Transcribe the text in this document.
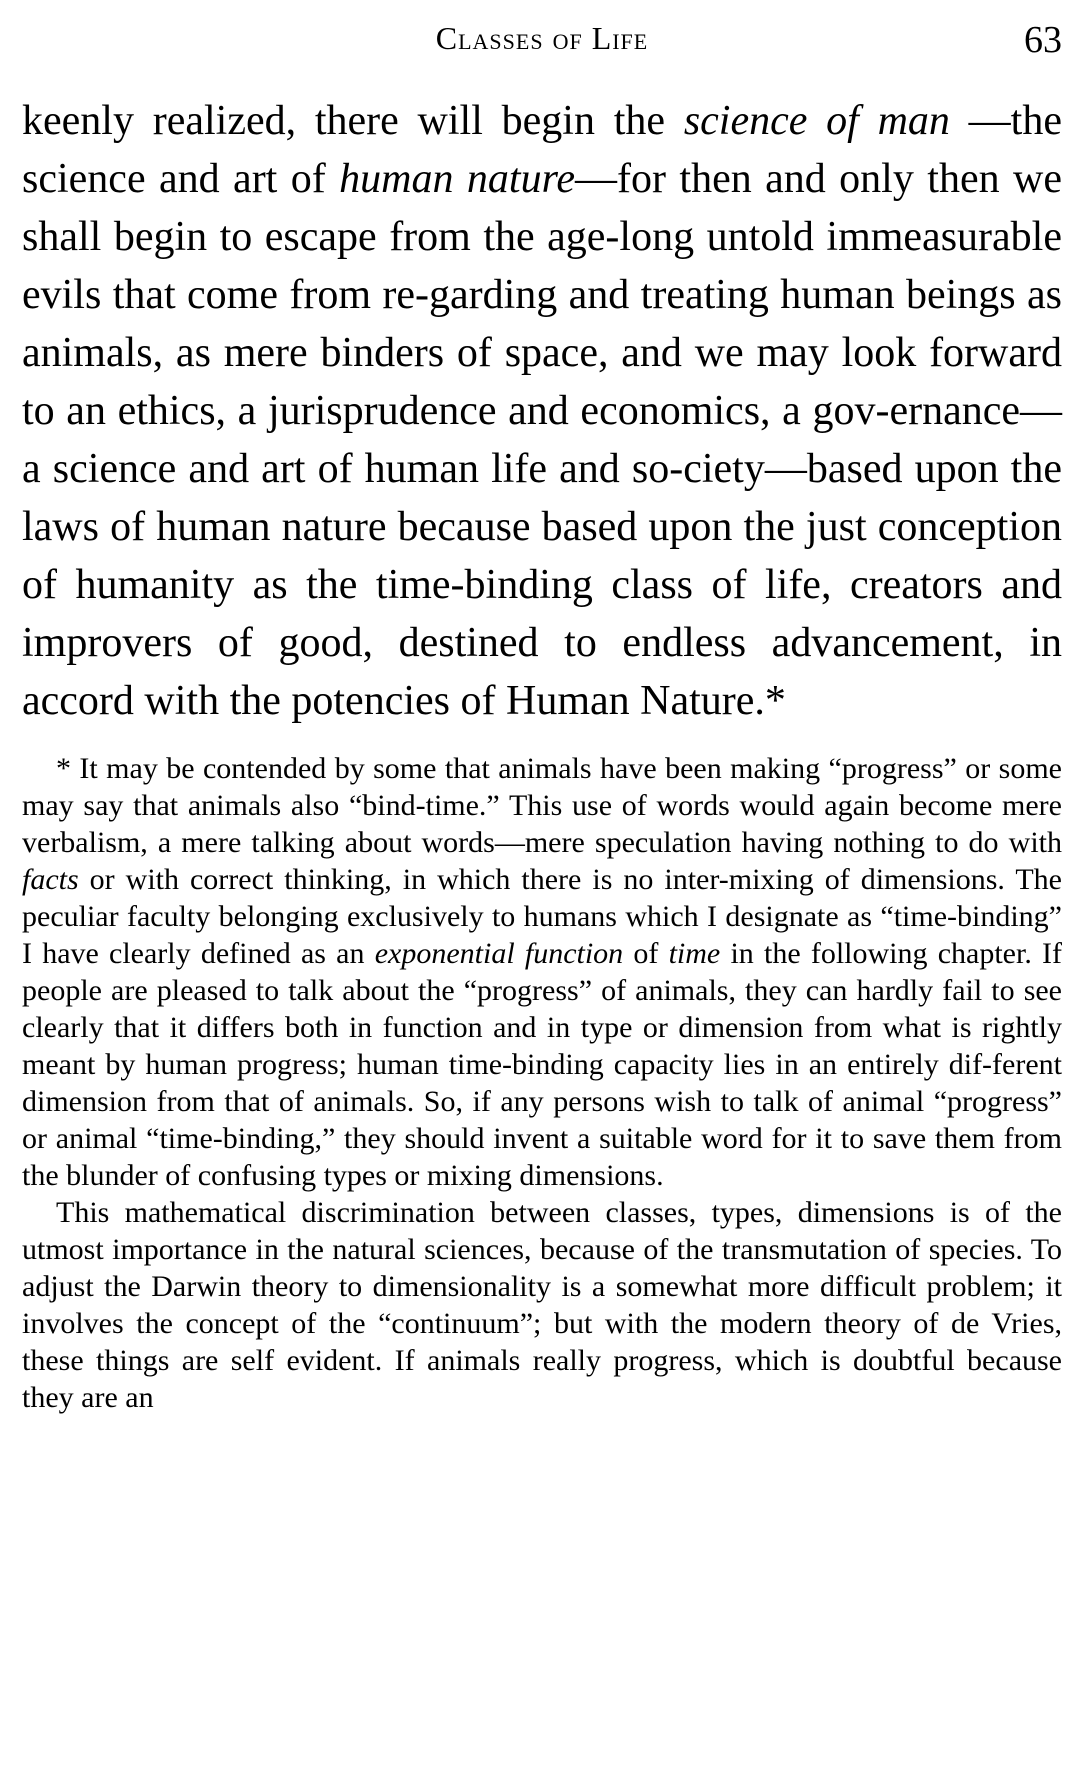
Classes of Life	63

keenly realized, there will begin the science of man —the science and art of human nature—for then and only then we shall begin to escape from the age-long untold immeasurable evils that come from re-garding and treating human beings as animals, as mere binders of space, and we may look forward to an ethics, a jurisprudence and economics, a gov-ernance—a science and art of human life and so-ciety—based upon the laws of human nature because based upon the just conception of humanity as the time-binding class of life, creators and improvers of good, destined to endless advancement, in accord with the potencies of Human Nature.*

* It may be contended by some that animals have been making “progress” or some may say that animals also “bind-time.” This use of words would again become mere verbalism, a mere talking about words—mere speculation having nothing to do with facts or with correct thinking, in which there is no inter-mixing of dimensions. The peculiar faculty belonging exclusively to humans which I designate as “time-binding” I have clearly defined as an exponential function of time in the following chapter. If people are pleased to talk about the “progress” of animals, they can hardly fail to see clearly that it differs both in function and in type or dimension from what is rightly meant by human progress; human time-binding capacity lies in an entirely dif-ferent dimension from that of animals. So, if any persons wish to talk of animal “progress” or animal “time-binding,” they should invent a suitable word for it to save them from the blunder of confusing types or mixing dimensions.

This mathematical discrimination between classes, types, dimensions is of the utmost importance in the natural sciences, because of the transmutation of species. To adjust the Darwin theory to dimensionality is a somewhat more difficult problem; it involves the concept of the “continuum”; but with the modern theory of de Vries, these things are self evident. If animals really progress, which is doubtful because they are an
